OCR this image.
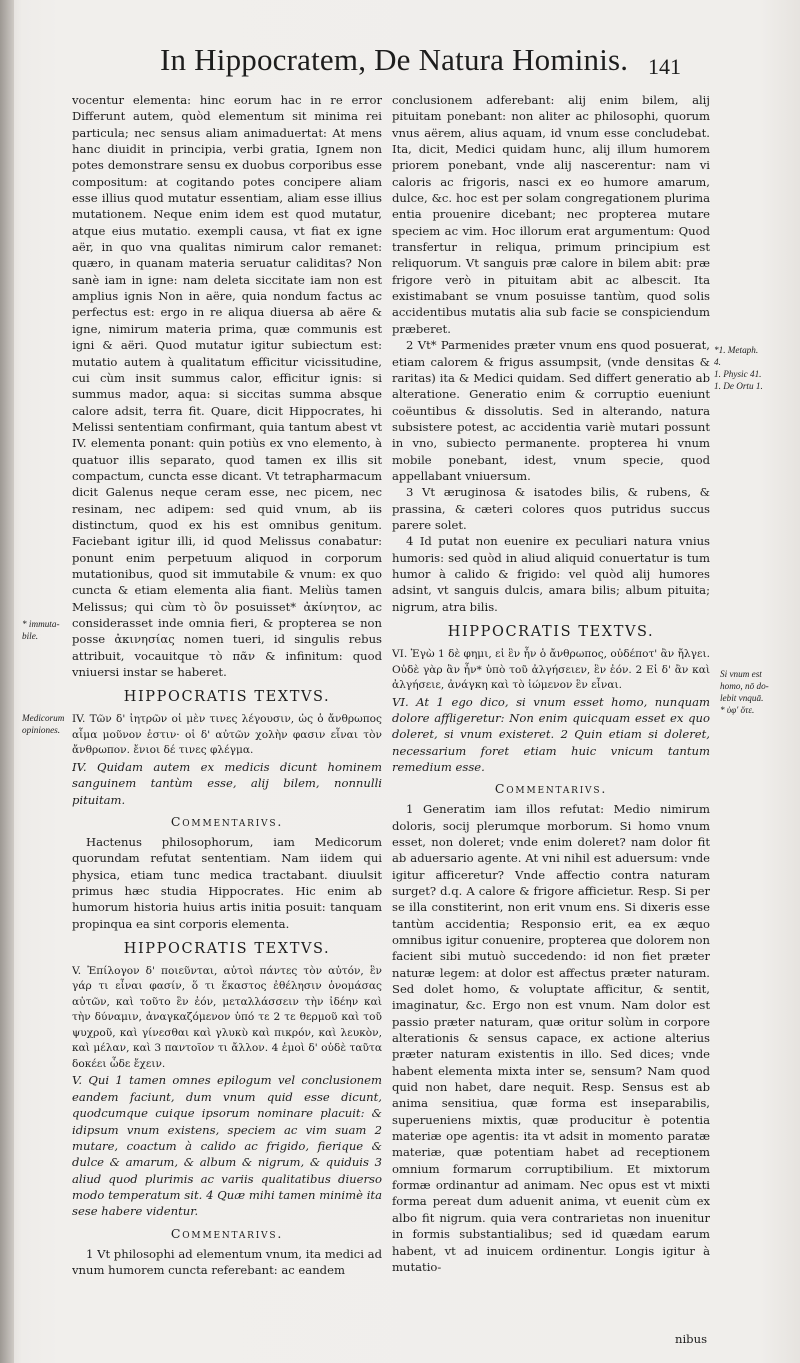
In Hippocratem, De Natura Hominis. 141

vocentur elementa: hinc eorum hac in re error Differunt autem, quòd elementum sit minima rei particula; nec sensus aliam animaduertat: At mens hanc diuidit in principia, verbi gratia, Ignem non potes demonstrare sensu ex duobus corporibus esse compositum: at cogitando potes concipere aliam esse illius quod mutatur essentiam, aliam esse illius mutationem. Neque enim idem est quod mutatur, atque eius mutatio. exempli causa, vt fiat ex igne aër, in quo vna qualitas nimirum calor remanet: quæro, in quanam materia seruatur caliditas? Non sanè iam in igne: nam deleta siccitate iam non est amplius ignis Non in aëre, quia nondum factus ac perfectus est: ergo in re aliqua diuersa ab aëre & igne, nimirum materia prima, quæ communis est igni & aëri. Quod mutatur igitur subiectum est: mutatio autem à qualitatum efficitur vicissitudine, cui cùm insit summus calor, efficitur ignis: si summus mador, aqua: si siccitas summa absque calore adsit, terra fit. Quare, dicit Hippocrates, hi Melissi sententiam confirmant, quia tantum abest vt IV. elementa ponant: quin potiùs ex vno elemento, à quatuor illis separato, quod tamen ex illis sit compactum, cuncta esse dicant. Vt tetrapharmacum dicit Galenus neque ceram esse, nec picem, nec resinam, nec adipem: sed quid vnum, ab iis distinctum, quod ex his est omnibus genitum. Faciebant igitur illi, id quod Melissus conabatur: ponunt enim perpetuum aliquod in corporum mutationibus, quod sit immutabile & vnum: ex quo cuncta & etiam elementa alia fiant. Meliùs tamen Melissus; qui cùm τὸ ὂν posuisset* ἀκίνητον, ac considerasset inde omnia fieri, & propterea se non posse ἀκινησίας nomen tueri, id singulis rebus attribuit, vocauitque τὸ πᾶν & infinitum: quod vniuersi instar se haberet.

HIPPOCRATIS TEXTVS.

IV. Τῶν δ' ἰητρῶν οἱ μὲν τινες λέγουσιν, ὡς ὁ ἄνθρωπος αἷμα μοῦνον ἐστιν· οἱ δ' αὐτῶν χολὴν φασιν εἶναι τὸν ἄνθρωπον. ἔνιοι δέ τινες φλέγμα.

IV. Quidam autem ex medicis dicunt hominem sanguinem tantùm esse, alij bilem, nonnulli pituitam.

Commentarivs.

Hactenus philosophorum, iam Medicorum quorundam refutat sententiam. Nam iidem qui physica, etiam tunc medica tractabant. diuulsit primus hæc studia Hippocrates. Hic enim ab humorum historia huius artis initia posuit: tanquam propinqua ea sint corporis elementa.

HIPPOCRATIS TEXTVS.

V. Ἐπίλογον δ' ποιεῦνται, αὐτοὶ πάντες τὸν αὐτόν, ἓν γάρ τι εἶναι φασίν, ὅ τι ἕκαστος ἐθέλησιν ὀνομάσας αὐτῶν, καὶ τοῦτο ἓν ἐόν, μεταλλάσσειν τὴν ἰδέην καὶ τὴν δύναμιν, ἀναγκαζόμενον ὑπό τε 2 τε θερμοῦ καὶ τοῦ ψυχροῦ, καὶ γίνεσθαι καὶ γλυκὺ καὶ πικρόν, καὶ λευκὸν, καὶ μέλαν, καὶ 3 παντοῖον τι ἄλλον. 4 ἐμοὶ δ' οὐδὲ ταῦτα δοκέει ὧδε ἔχειν.

V. Qui 1 tamen omnes epilogum vel conclusionem eandem faciunt, dum vnum quid esse dicunt, quodcumque cuique ipsorum nominare placuit: & idipsum vnum existens, speciem ac vim suam 2 mutare, coactum à calido ac frigido, fierique & dulce & amarum, & album & nigrum, & quiduis 3 aliud quod plurimis ac variis qualitatibus diuerso modo temperatum sit. 4 Quæ mihi tamen minimè ita sese habere videntur.

Commentarivs.

1 Vt philosophi ad elementum vnum, ita medici ad vnum humorem cuncta referebant: ac eandem

conclusionem adferebant: alij enim bilem, alij pituitam ponebant: non aliter ac philosophi, quorum vnus aërem, alius aquam, id vnum esse concludebat. Ita, dicit, Medici quidam hunc, alij illum humorem priorem ponebant, vnde alij nascerentur: nam vi caloris ac frigoris, nasci ex eo humore amarum, dulce, &c. hoc est per solam congregationem plurima entia prouenire dicebant; nec propterea mutare speciem ac vim. Hoc illorum erat argumentum: Quod transfertur in reliqua, primum principium est reliquorum. Vt sanguis præ calore in bilem abit: præ frigore verò in pituitam abit ac albescit. Ita existimabant se vnum posuisse tantùm, quod solis accidentibus mutatis alia sub facie se conspiciendum præberet.

2 Vt* Parmenides præter vnum ens quod posuerat, etiam calorem & frigus assumpsit, (vnde densitas & raritas) ita & Medici quidam. Sed differt generatio ab alteratione. Generatio enim & corruptio eueniunt coëuntibus & dissolutis. Sed in alterando, natura subsistere potest, ac accidentia variè mutari possunt in vno, subiecto permanente. propterea hi vnum mobile ponebant, idest, vnum specie, quod appellabant vniuersum.

3 Vt æruginosa & isatodes bilis, & rubens, & prassina, & cæteri colores quos putridus succus parere solet.

4 Id putat non euenire ex peculiari natura vnius humoris: sed quòd in aliud aliquid conuertatur is tum humor à calido & frigido: vel quòd alij humores adsint, vt sanguis dulcis, amara bilis; album pituita; nigrum, atra bilis.

HIPPOCRATIS TEXTVS.

VI. Ἐγὼ 1 δὲ φημι, εἰ ἓν ἦν ὁ ἄνθρωπος, οὐδέποτ' ἂν ἤλγει. Οὐδὲ γὰρ ἂν ἦν* ὑπὸ τοῦ ἀλγήσειεν, ἓν ἐόν. 2 Εἰ δ' ἂν καὶ ἀλγήσειε, ἀνάγκη καὶ τὸ ἰώμενον ἓν εἶναι.

VI. At 1 ego dico, si vnum esset homo, nunquam dolore affligeretur: Non enim quicquam esset ex quo doleret, si vnum existeret. 2 Quin etiam si doleret, necessarium foret etiam huic vnicum tantum remedium esse.

Commentarivs.

1 Generatim iam illos refutat: Medio nimirum doloris, socij plerumque morborum. Si homo vnum esset, non doleret; vnde enim doleret? nam dolor fit ab aduersario agente. At vni nihil est aduersum: vnde igitur afficeretur? Vnde affectio contra naturam surget? d.q. A calore & frigore afficietur. Resp. Si per se illa constiterint, non erit vnum ens. Si dixeris esse tantùm accidentia; Responsio erit, ea ex æquo omnibus igitur conuenire, propterea que dolorem non facient sibi mutuò succedendo: id non fiet præter naturæ legem: at dolor est affectus præter naturam. Sed dolet homo, & voluptate afficitur, & sentit, imaginatur, &c. Ergo non est vnum. Nam dolor est passio præter naturam, quæ oritur solùm in corpore alterationis & sensus capace, ex actione alterius præter naturam existentis in illo. Sed dices; vnde habent elementa mixta inter se, sensum? Nam quod quid non habet, dare nequit. Resp. Sensus est ab anima sensitiua, quæ forma est inseparabilis, superueniens mixtis, quæ producitur è potentia materiæ ope agentis: ita vt adsit in momento paratæ materiæ, quæ potentiam habet ad receptionem omnium formarum corruptibilium. Et mixtorum formæ ordinantur ad animam. Nec opus est vt mixti forma pereat dum aduenit anima, vt euenit cùm ex albo fit nigrum. quia vera contrarietas non inuenitur in formis substantialibus; sed id quædam earum habent, vt ad inuicem ordinentur. Longis igitur à mutatio-

* immuta-
bile.
Medicorum
opiniones.
*1. Metaph.
4.
1. Physic 41.
1. De Ortu 1.
Si vnum est
homo, nō do-
lebit vnquā.
* ὑφ' ὅτε.
nibus
